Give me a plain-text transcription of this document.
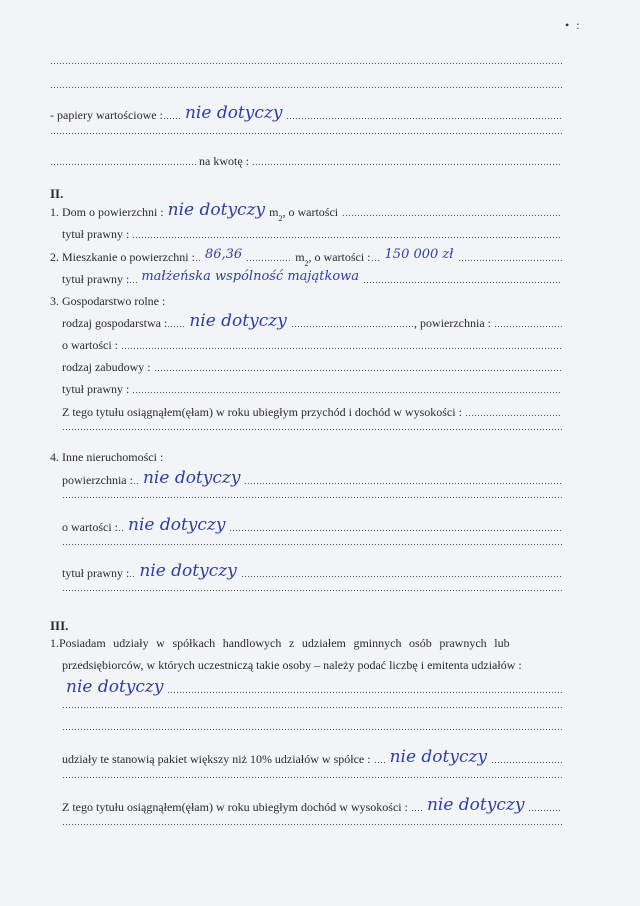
• :
- papiery wartościowe : nie dotyczy
na kwotę :
II.
1. Dom o powierzchni : nie dotyczy m 2 , o wartości
tytuł prawny :
2. Mieszkanie o powierzchni : 86,36	m 2 , o wartości :	150 000 zł
tytuł prawny : małżeńska wspólność majątkowa
3. Gospodarstwo rolne :
rodzaj gospodarstwa : nie dotyczy	, powierzchnia :
o wartości :
rodzaj zabudowy :
tytuł prawny :
Z tego tytułu osiągnąłem(ęłam) w roku ubiegłym przychód i dochód w wysokości :
4. Inne nieruchomości :
powierzchnia : nie dotyczy
o wartości : nie dotyczy
tytuł prawny : nie dotyczy
III.
1.Posiadam udziały w spółkach handlowych z udziałem gminnych osób prawnych lub
przedsiębiorców, w których uczestniczą takie osoby – należy podać liczbę i emitenta udziałów :
nie dotyczy
udziały te stanowią pakiet większy niż 10% udziałów w spółce : nie dotyczy
Z tego tytułu osiągnąłem(ęłam) w roku ubiegłym dochód w wysokości : nie dotyczy
